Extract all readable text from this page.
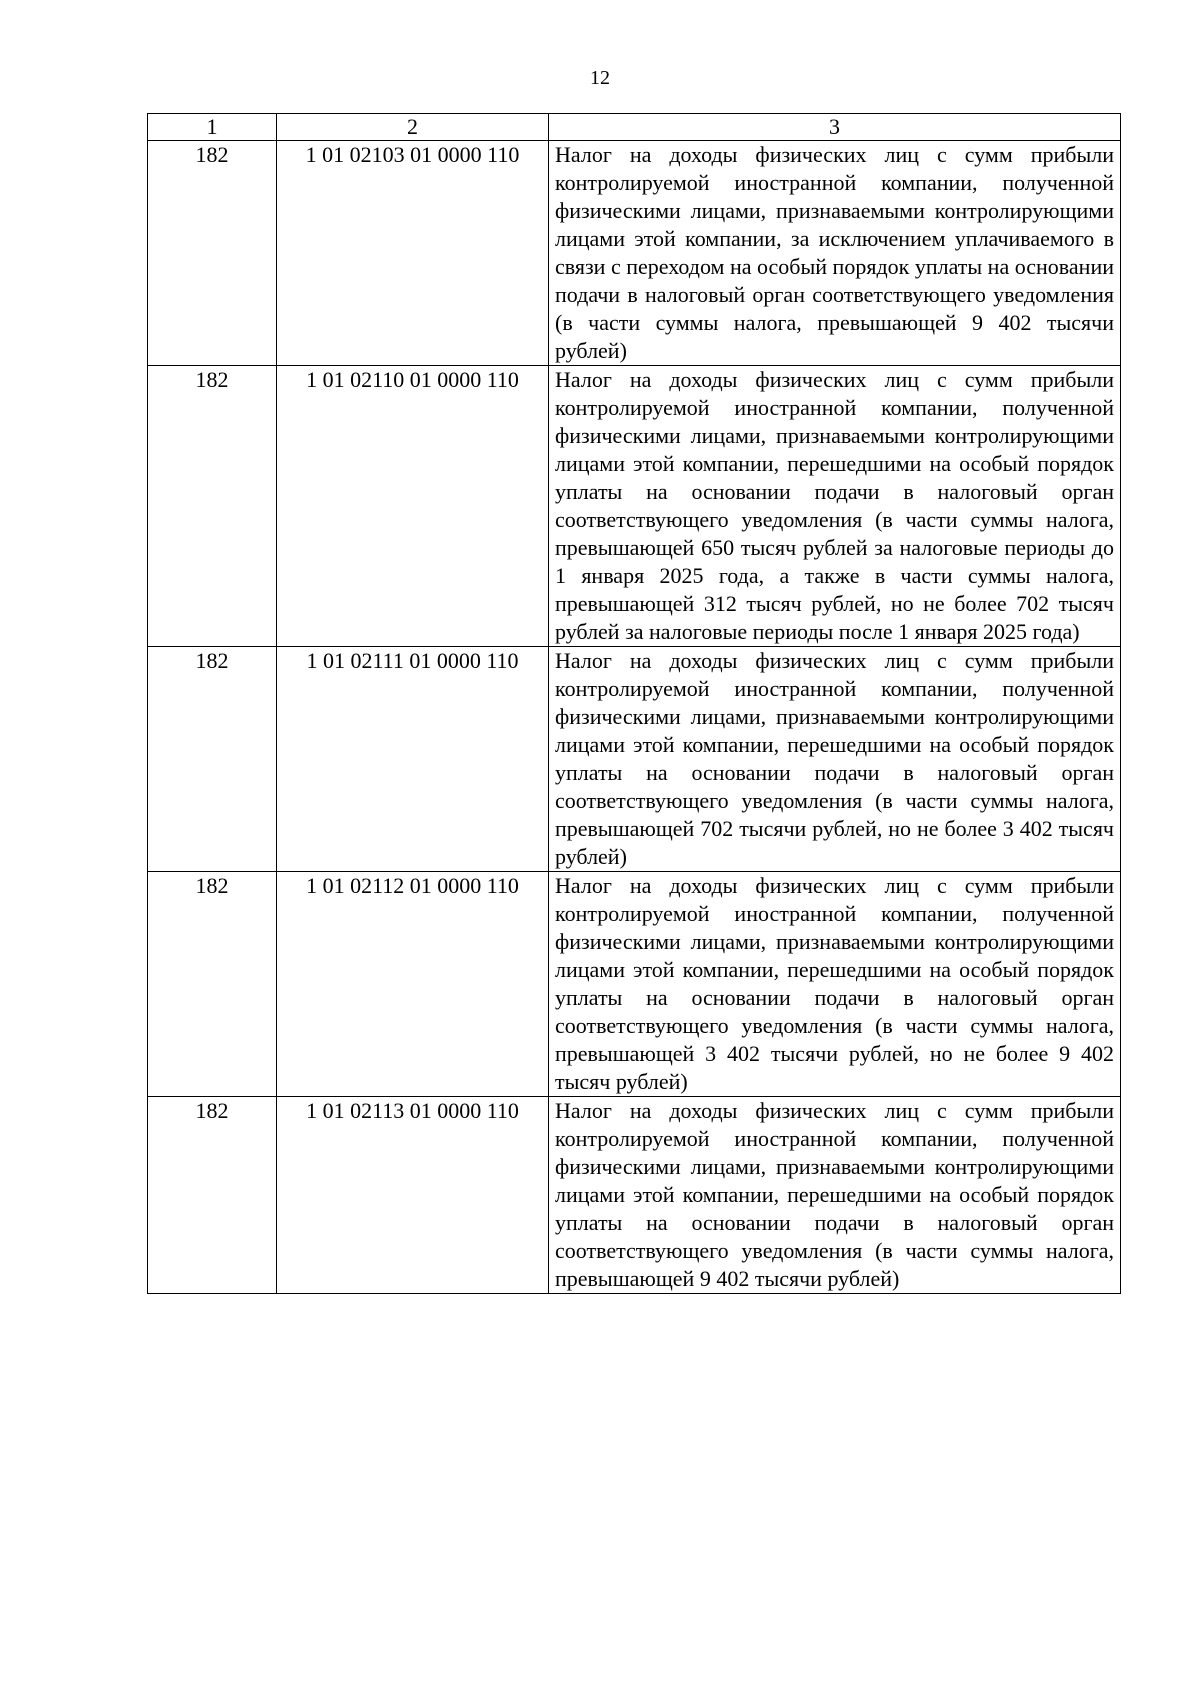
12
1	2	3
182	1 01 02103 01 0000 110	Налог на доходы физических лиц с сумм прибыли контролируемой иностранной компании, полученной физическими лицами, признаваемыми контролирующими лицами этой компании, за исключением уплачиваемого в связи с переходом на особый порядок уплаты на основании подачи в налоговый орган соответствующего уведомления (в части суммы налога, превышающей 9 402 тысячи рублей)
182	1 01 02110 01 0000 110	Налог на доходы физических лиц с сумм прибыли контролируемой иностранной компании, полученной физическими лицами, признаваемыми контролирующими лицами этой компании, перешедшими на особый порядок уплаты на основании подачи в налоговый орган соответствующего уведомления (в части суммы налога, превышающей 650 тысяч рублей за налоговые периоды до 1 января 2025 года, а также в части суммы налога, превышающей 312 тысяч рублей, но не более 702 тысяч рублей за налоговые периоды после 1 января 2025 года)
182	1 01 02111 01 0000 110	Налог на доходы физических лиц с сумм прибыли контролируемой иностранной компании, полученной физическими лицами, признаваемыми контролирующими лицами этой компании, перешедшими на особый порядок уплаты на основании подачи в налоговый орган соответствующего уведомления (в части суммы налога, превышающей 702 тысячи рублей, но не более 3 402 тысяч рублей)
182	1 01 02112 01 0000 110	Налог на доходы физических лиц с сумм прибыли контролируемой иностранной компании, полученной физическими лицами, признаваемыми контролирующими лицами этой компании, перешедшими на особый порядок уплаты на основании подачи в налоговый орган соответствующего уведомления (в части суммы налога, превышающей 3 402 тысячи рублей, но не более 9 402 тысяч рублей)
182	1 01 02113 01 0000 110	Налог на доходы физических лиц с сумм прибыли контролируемой иностранной компании, полученной физическими лицами, признаваемыми контролирующими лицами этой компании, перешедшими на особый порядок уплаты на основании подачи в налоговый орган соответствующего уведомления (в части суммы налога, превышающей 9 402 тысячи рублей)
